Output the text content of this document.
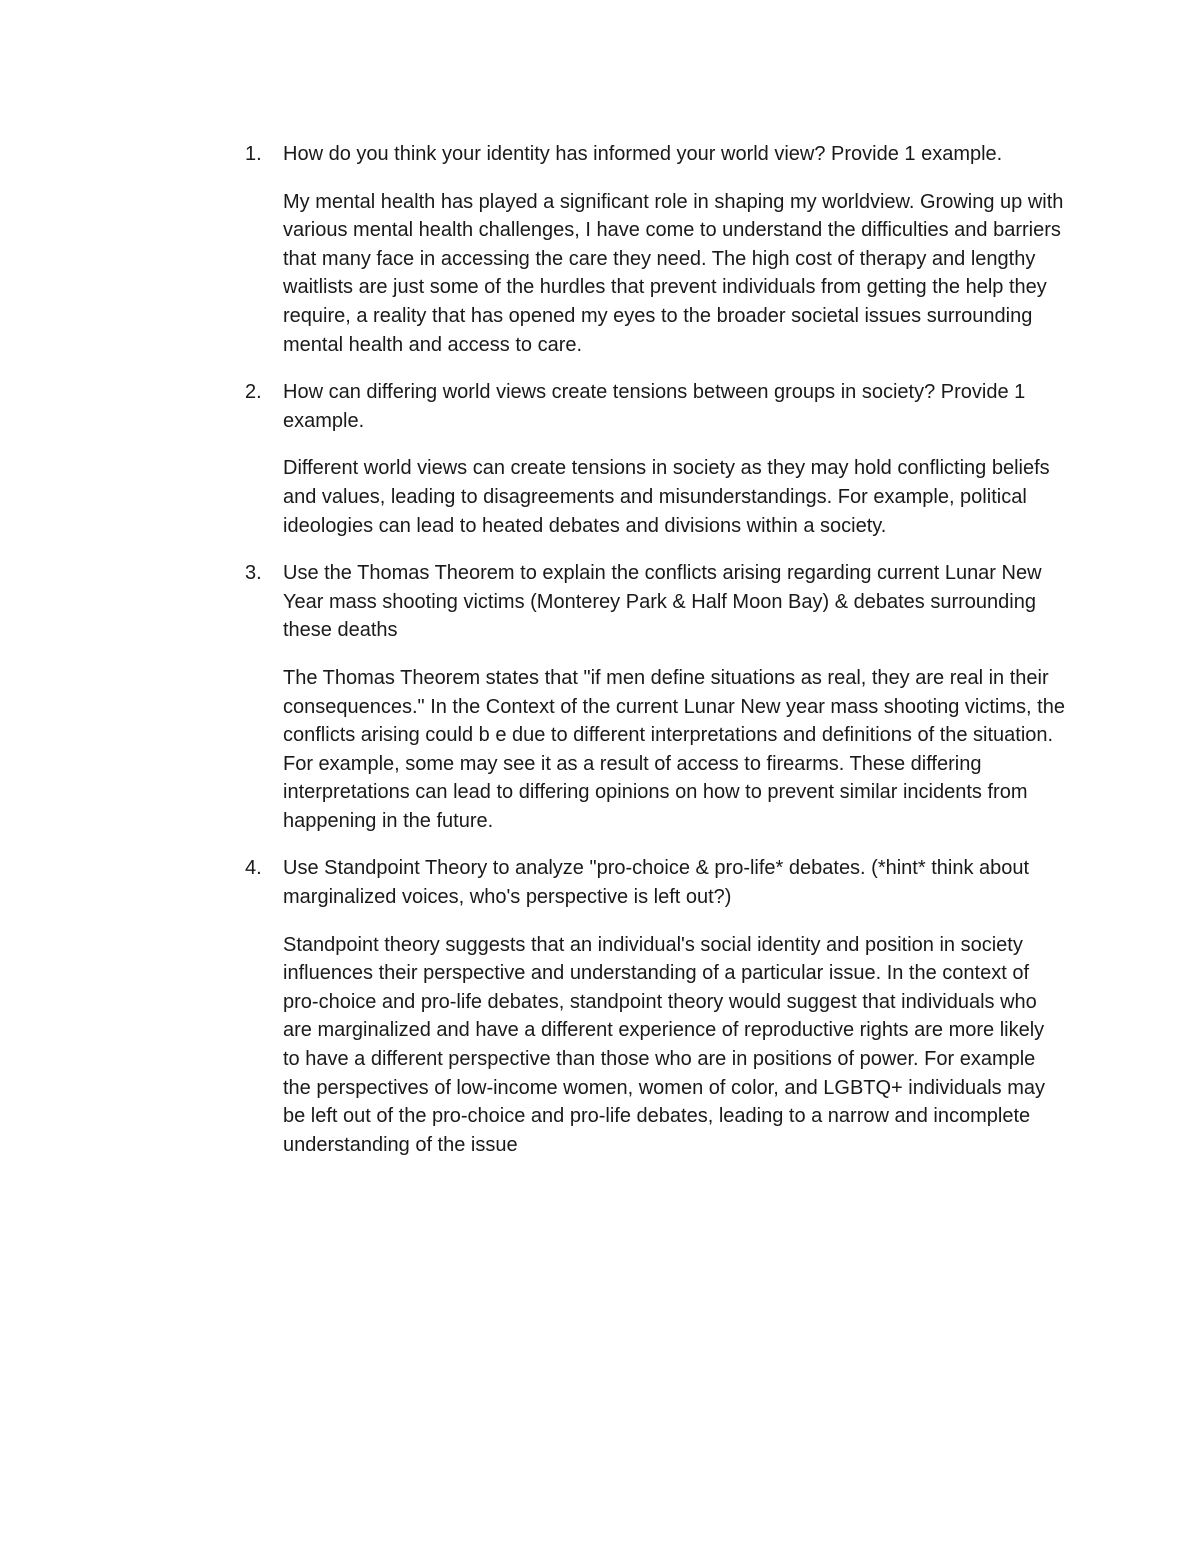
1. How do you think your identity has informed your world view? Provide 1 example.

My mental health has played a significant role in shaping my worldview. Growing up with various mental health challenges, I have come to understand the difficulties and barriers that many face in accessing the care they need. The high cost of therapy and lengthy waitlists are just some of the hurdles that prevent individuals from getting the help they require, a reality that has opened my eyes to the broader societal issues surrounding mental health and access to care.

2. How can differing world views create tensions between groups in society? Provide 1 example.

Different world views can create tensions in society as they may hold conflicting beliefs and values, leading to disagreements and misunderstandings. For example, political ideologies can lead to heated debates and divisions within a society.

3. Use the Thomas Theorem to explain the conflicts arising regarding current Lunar New Year mass shooting victims (Monterey Park & Half Moon Bay) & debates surrounding these deaths

The Thomas Theorem states that "if men define situations as real, they are real in their consequences." In the Context of the current Lunar New year mass shooting victims, the conflicts arising could b e due to different interpretations and definitions of the situation. For example, some may see it as a result of access to firearms. These differing interpretations can lead to differing opinions on how to prevent similar incidents from happening in the future.

4. Use Standpoint Theory to analyze "pro-choice & pro-life* debates. (*hint* think about marginalized voices, who's perspective is left out?)

Standpoint theory suggests that an individual's social identity and position in society influences their perspective and understanding of a particular issue. In the context of pro-choice and pro-life debates, standpoint theory would suggest that individuals who are marginalized and have a different experience of reproductive rights are more likely to have a different perspective than those who are in positions of power. For example the perspectives of low-income women, women of color, and LGBTQ+ individuals may be left out of the pro-choice and pro-life debates, leading to a narrow and incomplete understanding of the issue
